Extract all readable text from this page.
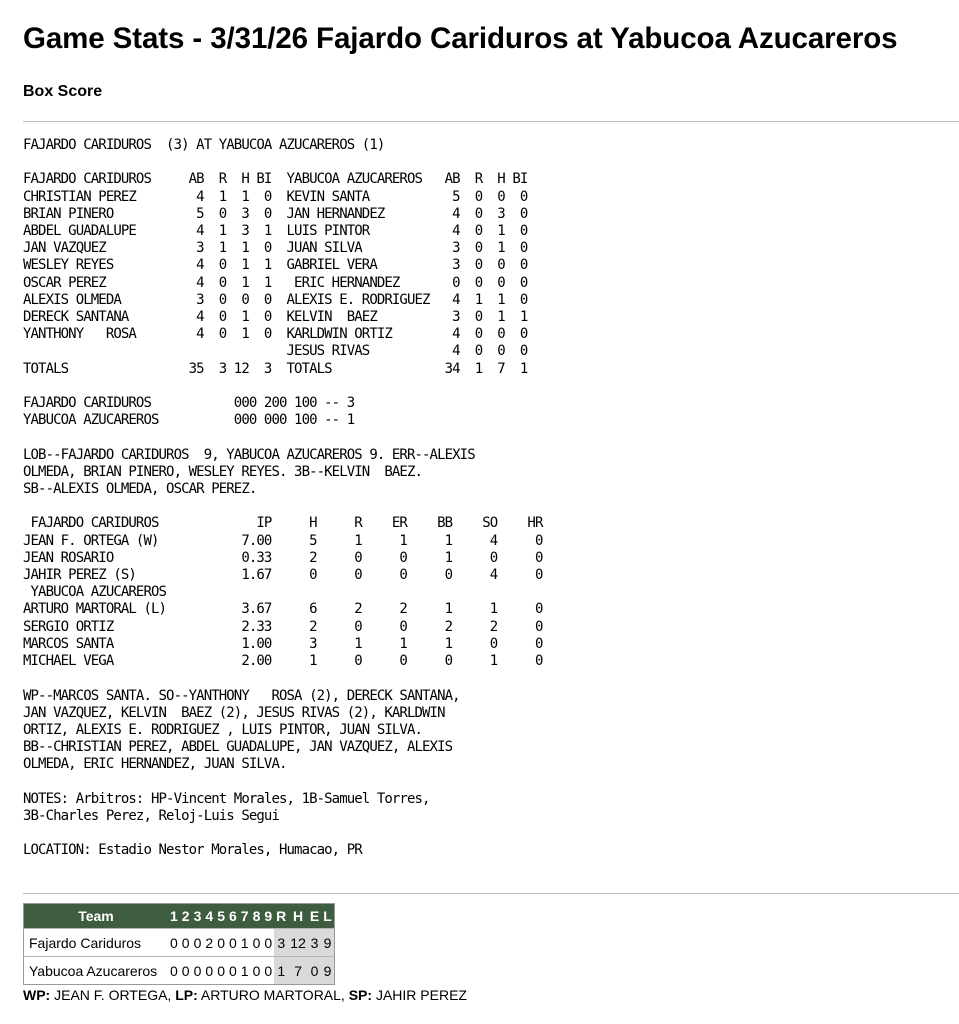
Game Stats - 3/31/26 Fajardo Cariduros at Yabucoa Azucareros
Box Score
FAJARDO CARIDUROS  (3) AT YABUCOA AZUCAREROS (1)

FAJARDO CARIDUROS     AB  R  H BI  YABUCOA AZUCAREROS   AB  R  H BI
CHRISTIAN PEREZ        4  1  1  0  KEVIN SANTA           5  0  0  0
BRIAN PINERO           5  0  3  0  JAN HERNANDEZ         4  0  3  0
ABDEL GUADALUPE        4  1  3  1  LUIS PINTOR           4  0  1  0
JAN VAZQUEZ            3  1  1  0  JUAN SILVA            3  0  1  0
WESLEY REYES           4  0  1  1  GABRIEL VERA          3  0  0  0
OSCAR PEREZ            4  0  1  1   ERIC HERNANDEZ       0  0  0  0
ALEXIS OLMEDA          3  0  0  0  ALEXIS E. RODRIGUEZ   4  1  1  0
DERECK SANTANA         4  0  1  0  KELVIN  BAEZ          3  0  1  1
YANTHONY   ROSA        4  0  1  0  KARLDWIN ORTIZ        4  0  0  0
JESUS RIVAS           4  0  0  0
TOTALS                35  3 12  3  TOTALS               34  1  7  1

FAJARDO CARIDUROS           000 200 100 -- 3
YABUCOA AZUCAREROS          000 000 100 -- 1

LOB--FAJARDO CARIDUROS  9, YABUCOA AZUCAREROS 9. ERR--ALEXIS
OLMEDA, BRIAN PINERO, WESLEY REYES. 3B--KELVIN  BAEZ.
SB--ALEXIS OLMEDA, OSCAR PEREZ.

FAJARDO CARIDUROS             IP     H     R    ER    BB    SO    HR
JEAN F. ORTEGA (W)           7.00     5     1     1     1     4     0
JEAN ROSARIO                 0.33     2     0     0     1     0     0
JAHIR PEREZ (S)              1.67     0     0     0     0     4     0
YABUCOA AZUCAREROS
ARTURO MARTORAL (L)          3.67     6     2     2     1     1     0
SERGIO ORTIZ                 2.33     2     0     0     2     2     0
MARCOS SANTA                 1.00     3     1     1     1     0     0
MICHAEL VEGA                 2.00     1     0     0     0     1     0

WP--MARCOS SANTA. SO--YANTHONY   ROSA (2), DERECK SANTANA,
JAN VAZQUEZ, KELVIN  BAEZ (2), JESUS RIVAS (2), KARLDWIN
ORTIZ, ALEXIS E. RODRIGUEZ , LUIS PINTOR, JUAN SILVA.
BB--CHRISTIAN PEREZ, ABDEL GUADALUPE, JAN VAZQUEZ, ALEXIS
OLMEDA, ERIC HERNANDEZ, JUAN SILVA.

NOTES: Arbitros: HP-Vincent Morales, 1B-Samuel Torres,
3B-Charles Perez, Reloj-Luis Segui

LOCATION: Estadio Nestor Morales, Humacao, PR

Team	1	2	3	4	5	6	7	8	9	R	H	E	L
Fajardo Cariduros	0	0	0	2	0	0	1	0	0	3	12	3	9
Yabucoa Azucareros	0	0	0	0	0	0	1	0	0	1	7	0	9

WP: JEAN F. ORTEGA, LP: ARTURO MARTORAL, SP: JAHIR PEREZ
